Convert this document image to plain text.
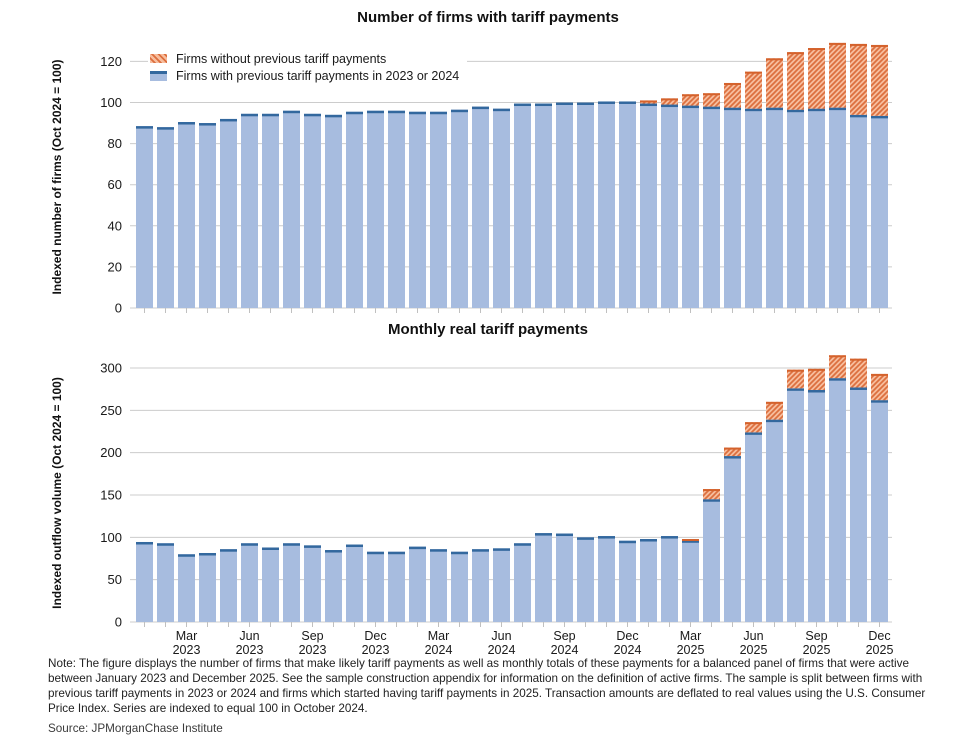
Number of firms with tariff payments
Indexed number of firms (Oct 2024 = 100)
0
20
40
60
80
100
120	Firms without previous tariff payments
Firms with previous tariff payments in 2023 or 2024
Monthly real tariff payments
Indexed outflow volume (Oct 2024 = 100)
0
50
100
150
200
250
300
Mar
2023
Jun
2023
Sep
2023
Dec
2023
Mar
2024
Jun
2024
Sep
2024
Dec
2024
Mar
2025
Jun
2025
Sep
2025
Dec
2025
Note: The figure displays the number of firms that make likely tariff payments as well as monthly totals of these payments for a balanced panel of firms that were active between January 2023 and December 2025. See the sample construction appendix for information on the definition of active firms. The sample is split between firms with previous tariff payments in 2023 or 2024 and firms which started having tariff payments in 2025. Transaction amounts are deflated to real values using the U.S. Consumer Price Index. Series are indexed to equal 100 in October 2024.
Source: JPMorganChase Institute
